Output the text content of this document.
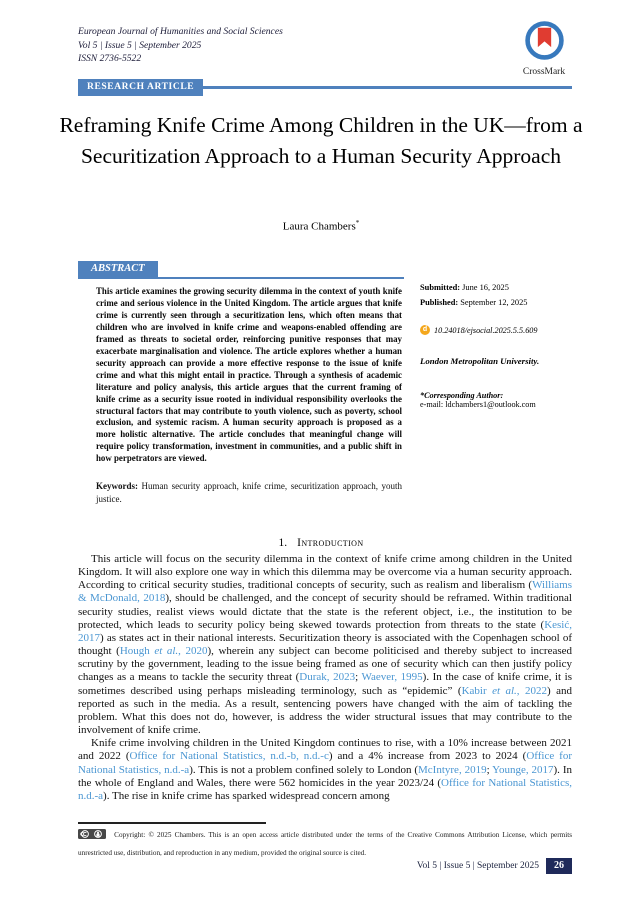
European Journal of Humanities and Social Sciences
Vol 5 | Issue 5 | September 2025
ISSN 2736-5522
CrossMark
RESEARCH ARTICLE
Reframing Knife Crime Among Children in the UK—from a Securitization Approach to a Human Security Approach
Laura Chambers*
ABSTRACT

This article examines the growing security dilemma in the context of youth knife crime and serious violence in the United Kingdom. The article argues that knife crime is currently seen through a securitization lens, which often means that children who are involved in knife crime and weapons-enabled offending are framed as threats to societal order, reinforcing punitive responses that may exacerbate marginalisation and violence. The article explores whether a human security approach can provide a more effective response to the issue of knife crime and what this might entail in practice. Through a synthesis of academic literature and policy analysis, this article argues that the current framing of knife crime as a security issue rooted in individual responsibility overlooks the structural factors that may contribute to youth violence, such as poverty, school exclusion, and systemic racism. A human security approach is proposed as a more holistic alternative. The article concludes that meaningful change will require policy transformation, investment in communities, and a public shift in how perpetrators are viewed.

Keywords: Human security approach, knife crime, securitization approach, youth justice.

Submitted: June 16, 2025

Published: September 12, 2025

d
10.24018/ejsocial.2025.5.5.609

London Metropolitan University.

*Corresponding Author:

e-mail: ldchambers1@outlook.com

1. Introduction

This article will focus on the security dilemma in the context of knife crime among children in the United Kingdom. It will also explore one way in which this dilemma may be overcome via a human security approach. According to critical security studies, traditional concepts of security, such as realism and liberalism (Williams & McDonald, 2018), should be challenged, and the concept of security should be reframed. Within traditional security studies, realist views would dictate that the state is the referent object, i.e., the institution to be protected, which leads to security policy being skewed towards protection from threats to the state (Kesić, 2017) as states act in their national interests. Securitization theory is associated with the Copenhagen school of thought (Hough et al., 2020), wherein any subject can become politicised and thereby subject to increased scrutiny by the government, leading to the issue being framed as one of security which can then justify policy changes as a means to tackle the security threat (Durak, 2023; Waever, 1995). In the case of knife crime, it is sometimes described using perhaps misleading terminology, such as “epidemic” (Kabir et al., 2022) and reported as such in the media. As a result, sentencing powers have changed with the aim of tackling the problem. What this does not do, however, is address the wider structural issues that may contribute to the involvement of knife crime.

Knife crime involving children in the United Kingdom continues to rise, with a 10% increase between 2021 and 2022 (Office for National Statistics, n.d.-b, n.d.-c) and a 4% increase from 2023 to 2024 (Office for National Statistics, n.d.-a). This is not a problem confined solely to London (McIntyre, 2019; Younge, 2017). In the whole of England and Wales, there were 562 homicides in the year 2023/24 (Office for National Statistics, n.d.-a). The rise in knife crime has sparked widespread concern among

Copyright: © 2025 Chambers. This is an open access article distributed under the terms of the Creative Commons Attribution License, which permits unrestricted use, distribution, and reproduction in any medium, provided the original source is cited.

Vol 5 | Issue 5 | September 2025	26
